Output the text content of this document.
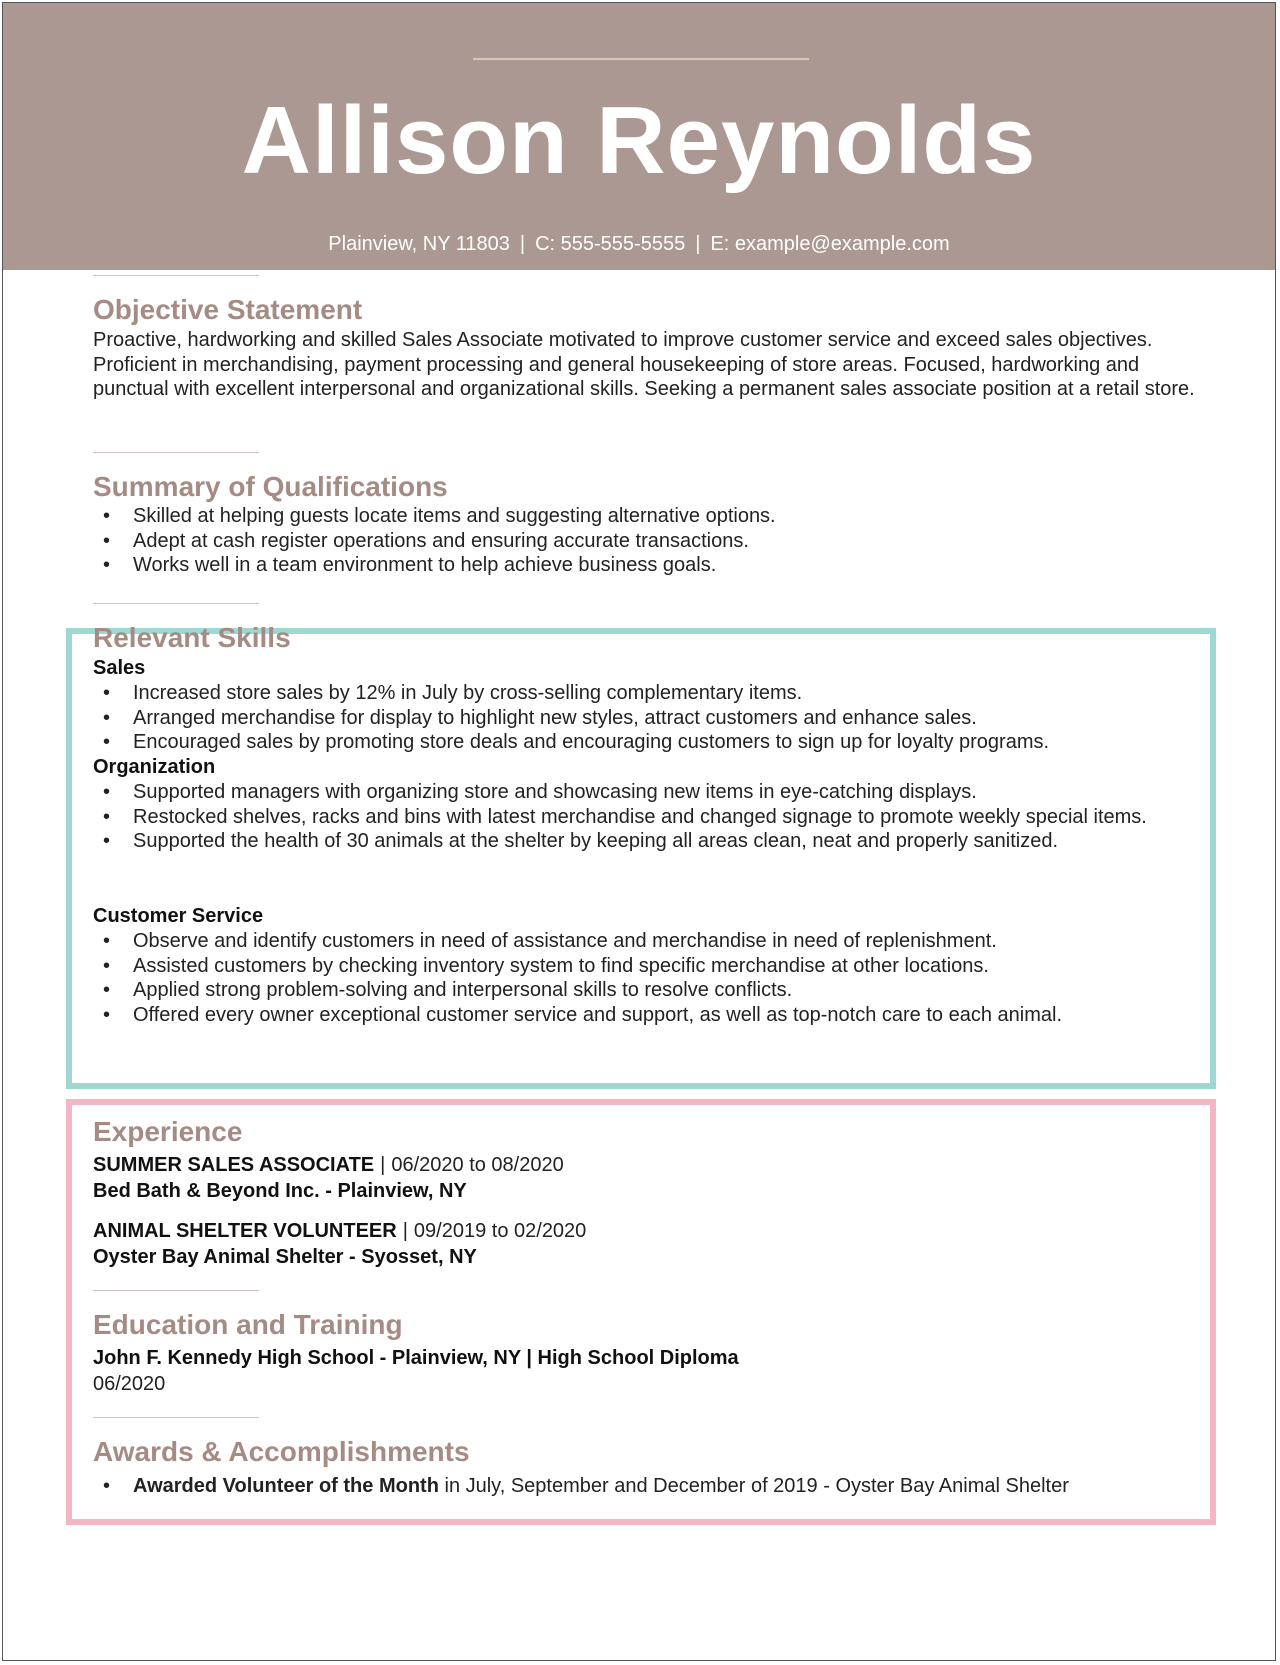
Allison Reynolds
Plainview, NY 11803 | C: 555-555-5555 | E: example@example.com
Objective Statement

Proactive, hardworking and skilled Sales Associate motivated to improve customer service and exceed sales objectives. Proficient in merchandising, payment processing and general housekeeping of store areas. Focused, hardworking and punctual with excellent interpersonal and organizational skills. Seeking a permanent sales associate position at a retail store.

Summary of Qualifications
• Skilled at helping guests locate items and suggesting alternative options.
• Adept at cash register operations and ensuring accurate transactions.
• Works well in a team environment to help achieve business goals.
Relevant Skills
Sales
• Increased store sales by 12% in July by cross-selling complementary items.
• Arranged merchandise for display to highlight new styles, attract customers and enhance sales.
• Encouraged sales by promoting store deals and encouraging customers to sign up for loyalty programs.
Organization
• Supported managers with organizing store and showcasing new items in eye-catching displays.
• Restocked shelves, racks and bins with latest merchandise and changed signage to promote weekly special items.
• Supported the health of 30 animals at the shelter by keeping all areas clean, neat and properly sanitized.
Customer Service
• Observe and identify customers in need of assistance and merchandise in need of replenishment.
• Assisted customers by checking inventory system to find specific merchandise at other locations.
• Applied strong problem-solving and interpersonal skills to resolve conflicts.
• Offered every owner exceptional customer service and support, as well as top-notch care to each animal.
Experience

SUMMER SALES ASSOCIATE | 06/2020 to 08/2020

Bed Bath & Beyond Inc. - Plainview, NY

ANIMAL SHELTER VOLUNTEER | 09/2019 to 02/2020

Oyster Bay Animal Shelter - Syosset, NY

Education and Training

John F. Kennedy High School - Plainview, NY | High School Diploma

06/2020

Awards & Accomplishments
• Awarded Volunteer of the Month in July, September and December of 2019 - Oyster Bay Animal Shelter
